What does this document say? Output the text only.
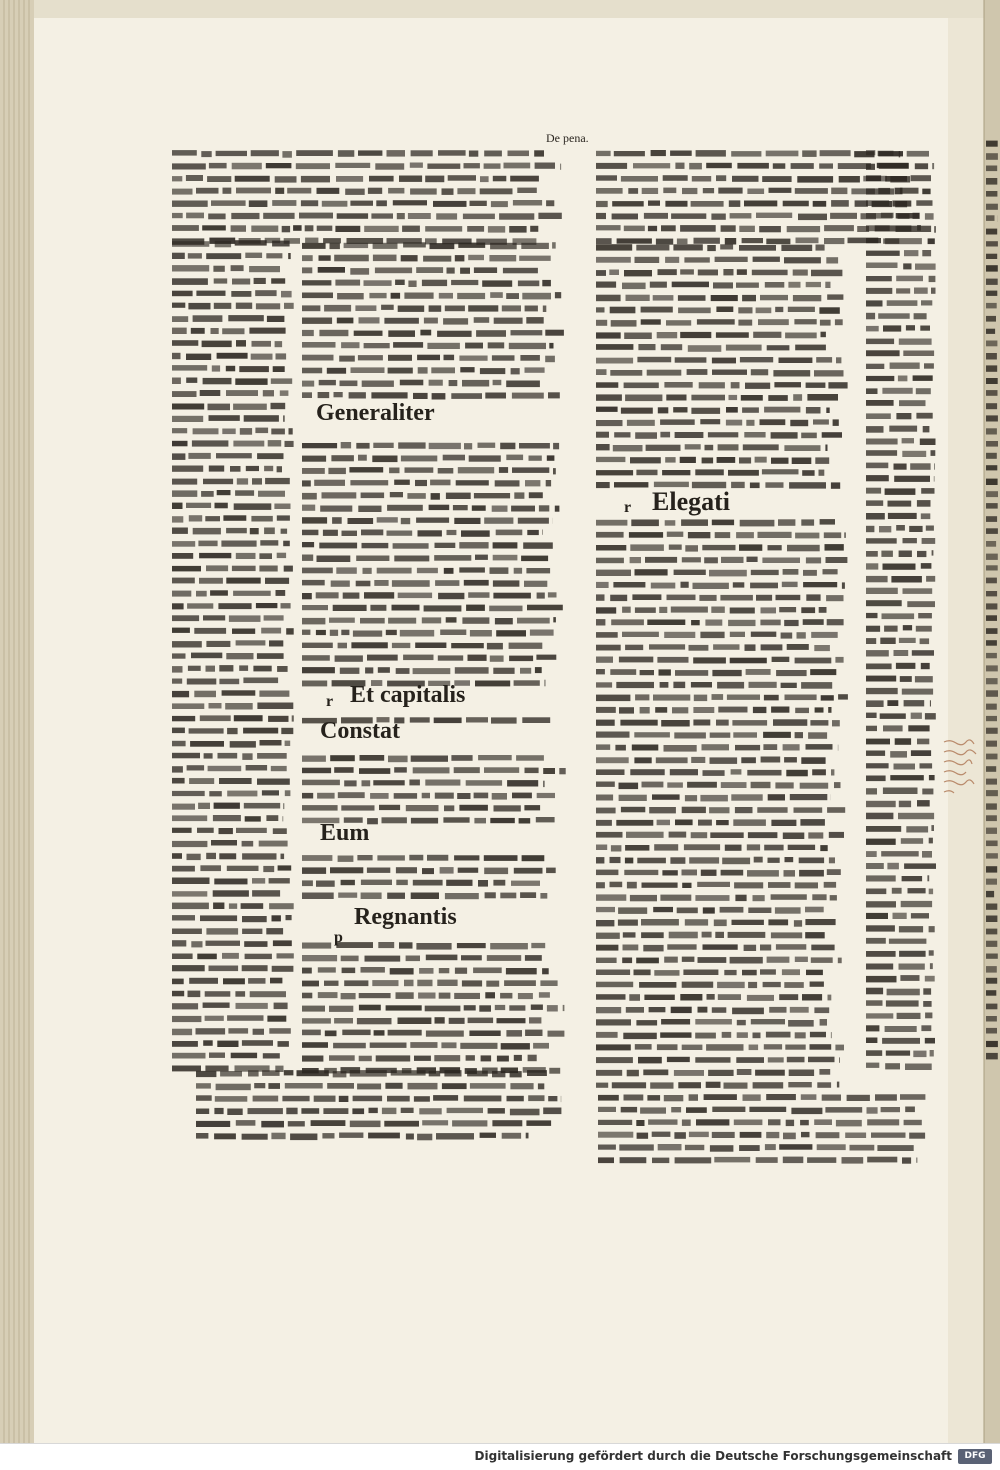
Generaliter
Et capitalis
Constat
Eum
Regnantis
Elegati
r
r
p
De pena.
Digitalisierung gefördert durch die Deutsche Forschungsgemeinschaft	DFG
